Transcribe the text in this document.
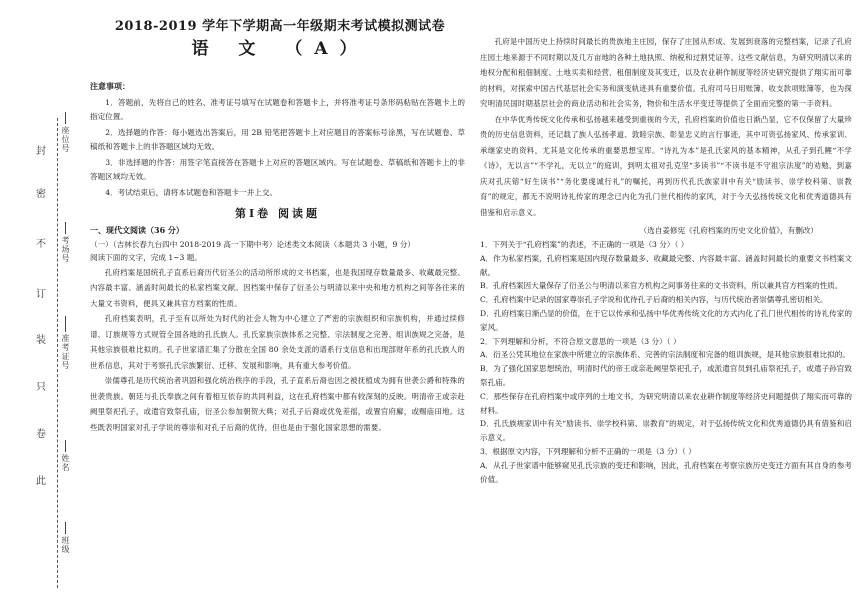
封
密
不
订
装
只
卷
此
座位号
考场号
准考证号
姓名
班级
2018-2019 学年下学期高一年级期末考试模拟测试卷
语 文 （A）

注意事项：

1．答题前，先将自己的姓名、准考证号填写在试题卷和答题卡上，并将准考证号条形码粘贴在答题卡上的指定位置。

2．选择题的作答：每小题选出答案后，用 2B 铅笔把答题卡上对应题目的答案标号涂黑，写在试题卷、草稿纸和答题卡上的非答题区域均无效。

3．非选择题的作答：用签字笔直接答在答题卡上对应的答题区域内。写在试题卷、草稿纸和答题卡上的非答题区域均无效。

4．考试结束后，请将本试题卷和答题卡一并上交。

第Ⅰ卷 阅读题

一、现代文阅读（36 分）

（一）（吉林长春九台四中 2018-2019 高一下期中考）论述类文本阅读（本题共 3 小题，9 分）

阅读下面的文字，完成 1~3 题。

孔府档案是国统孔子直系后裔历代衍圣公的活动所形成的文书档案，也是我国现存数量最多、收藏最完整、内容最丰富、涵盖时间最长的私家档案文献。因档案中保存了衍圣公与明清以来中央和地方机构之间等各往来的大量文书资料，便具又兼具官方档案的性质。

孔府档案表明，孔子至有以所处为时代的社会人物为中心建立了严密的宗族组织和宗族机构，并通过续修谱、订族规等方式规管全国各地的孔氏族人。孔氏家族宗族体系之完整、宗法制度之完善、组训族规之完备，是其他宗族很难比拟的。孔子世家谱汇集了分散在全国 80 余处支派的谱系行支信息和出现部财年系的孔氏族人的世系信息，其对于考察孔氏宗族繁衍、迁移、发展和影响，具有重大参考价值。

崇儒尊孔是历代统治者巩固和强化统治秩序的手段，孔子直系后裔也因之被抚植成为拥有世袭公爵和特殊的世袭贵族。朝廷与孔氏奉族之间有着相互依存的共同利益，这在孔府档案中都有较深刻的反映。明清帝王或亲赴阙里祭祀孔子，或遣官致祭孔庙，衍圣公参加朝贺大典；对孔子后裔或优免差徭，或置官府廨，或赐庙田地。这些既表明国家对孔子学说的尊崇和对孔子后裔的优待，但也是由于强化国家思想的需要。

孔府是中国历史上持续时间最长的贵族地主庄园，保存了庄园从形成、发展到衰落的完整档案，记录了孔府庄园土地来源于不同时期以及几万亩地的各种土地执照、纳税和过割凭证等。这些文献信息，为研究明清以来的地权分配和租佃制度、土地买卖和经营、租佃制度及其变迁，以及农业耕作制度等经济史研究提供了翔实而可靠的材料，对探索中国古代基层社会实务和演变轨迹具有重要价值。孔府司马日用账簿、收支款项账簿等，也为探究明清民国时期基层社会的商业活动和社会实务，物价和生活水平变迁等提供了全面而完整的第一手资料。

在中华优秀传统文化传承和弘扬越来越受到重视的今天，孔府档案的价值也日渐凸显，它不仅保留了大量珍贵的历史信息资料，还记载了族人弘扬孝道、敦睦宗族、彰显忠义的言行事迹，其中可资弘扬家风、传承家训、承继家史的资料，尤其是文化传承的重要思想宝库。“诗礼为本”是孔氏家风的基本精神，从孔子到孔鲤“不学《诗》，无以言”“不学礼，无以立”的庭训，到明太祖对孔克坚“多读书”“不读书是不守祖宗法度”的劝勉，到嘉庆对孔庆镕“好生读书”“务化要虔诚行礼”的嘱托，再到历代孔氏族家训中有关“励读书、崇学校科第、崇教育”的规定，都无不说明诗礼传家的理念已内化为孔门世代相传的家风，对于今天弘扬传统文化和优秀道德具有借鉴和启示意义。

（选自姜修宪《孔府档案的历史文化价值》，有删改）

1．下列关于“孔府档案”的表述，不正确的一项是（3 分）（ ）

A．作为私家档案，孔府档案是国内现存数量最多、收藏最完整、内容最丰富、涵盖时间最长的重要文书档案文献。

B．孔府档案因大量保存了衍圣公与明清以来官方机构之间事务往来的文书资料，所以兼具官方档案的性质。

C．孔府档案中记录的国家尊崇孔子学说和优待孔子后裔的相关内容，与历代统治者崇儒尊孔密切相关。

D．孔府档案日渐凸显的价值，在于它以传承和弘扬中华优秀传统文化的方式内化了孔门世代相传的诗礼传家的家风。

2．下列理解和分析，不符合原文意思的一项是（3 分）（ ）

A．衍圣公凭其地位在家族中所建立的宗族体系、完善的宗法制度和完备的组训族规，是其他宗族很难比拟的。

B．为了强化国家思想统治，明清时代的帝王或亲赴阙里祭祀孔子，或派遣官员到孔庙祭祀孔子，或遣子孙官致祭孔庙。

C．那些保存在孔府档案中或序列的土地文书，为研究明清以来农业耕作制度等经济史问题提供了翔实而可靠的材料。

D．孔氏族规家训中有关“励读书、崇学校科第、崇教育”的规定，对于弘扬传统文化和优秀道德仍具有借鉴和启示意义。

3．根据原文内容，下列理解和分析不正确的一项是（3 分）（ ）

A．从孔子世家谱中能够窥见孔氏宗族的变迁和影响，因此，孔府档案在考察宗族历史变迁方面有其自身的参考价值。
